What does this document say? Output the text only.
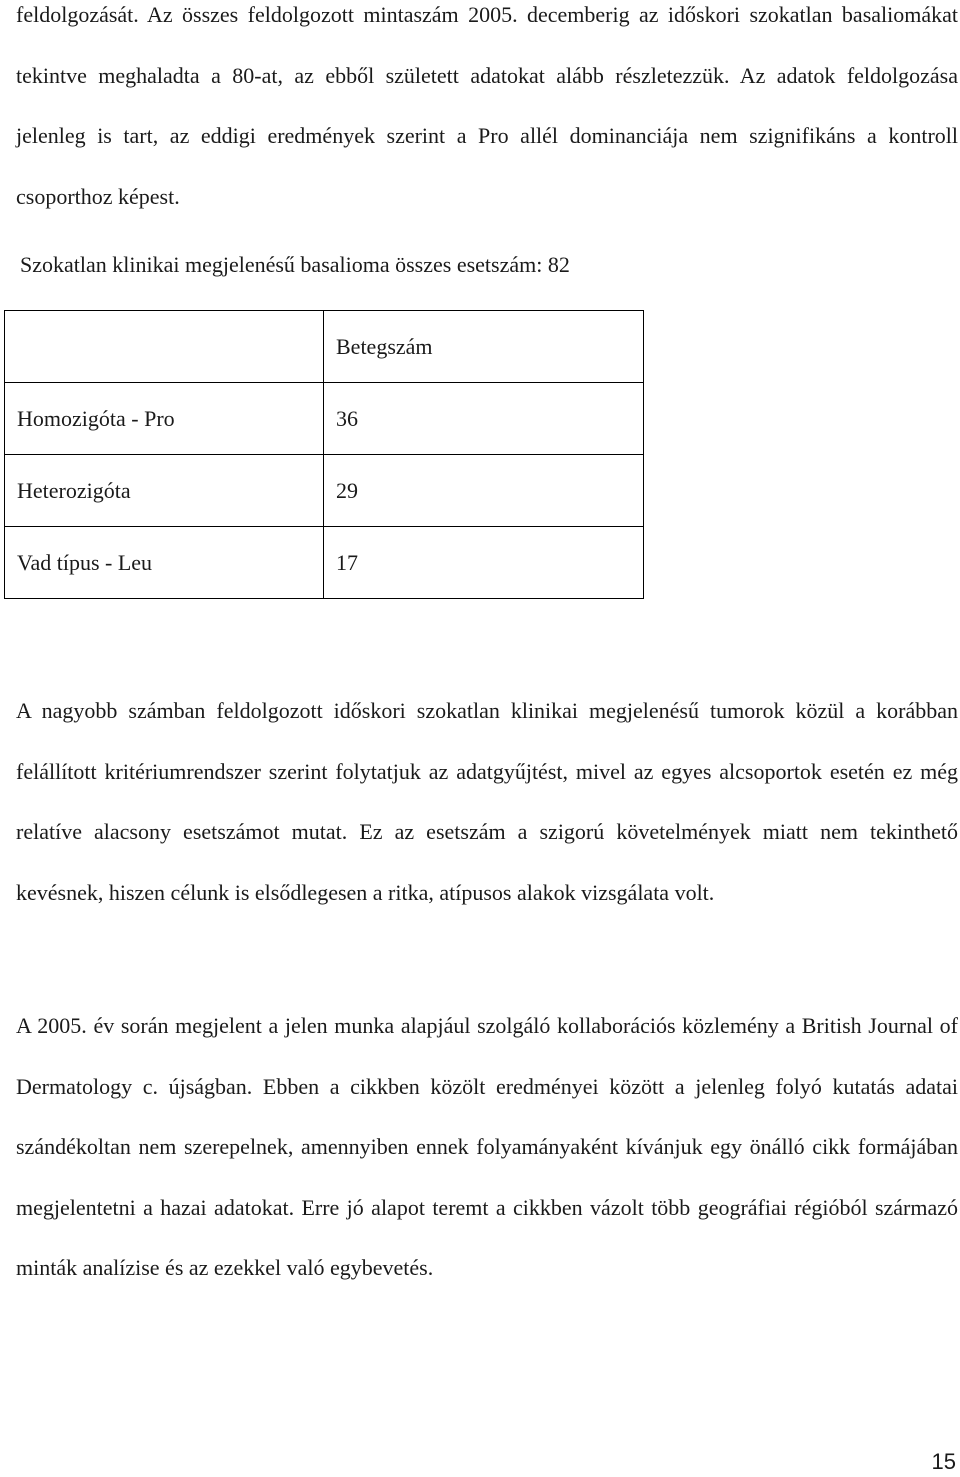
feldolgozását. Az összes feldolgozott mintaszám 2005. decemberig az időskori szokatlan basaliomákat tekintve meghaladta a 80-at, az ebből született adatokat alább részletezzük. Az adatok feldolgozása jelenleg is tart, az eddigi eredmények szerint a Pro allél dominanciája nem szignifikáns a kontroll csoporthoz képest.

Szokatlan klinikai megjelenésű basalioma összes esetszám: 82
	Betegszám
Homozigóta - Pro	36
Heterozigóta	29
Vad típus - Leu	17

A nagyobb számban feldolgozott időskori szokatlan klinikai megjelenésű tumorok közül a korábban felállított kritériumrendszer szerint folytatjuk az adatgyűjtést, mivel az egyes alcsoportok esetén ez még relatíve alacsony esetszámot mutat. Ez az esetszám a szigorú követelmények miatt nem tekinthető kevésnek, hiszen célunk is elsődlegesen a ritka, atípusos alakok vizsgálata volt.

A 2005. év során megjelent a jelen munka alapjául szolgáló kollaborációs közlemény a British Journal of Dermatology c. újságban. Ebben a cikkben közölt eredményei között a jelenleg folyó kutatás adatai szándékoltan nem szerepelnek, amennyiben ennek folyamányaként kívánjuk egy önálló cikk formájában megjelentetni a hazai adatokat. Erre jó alapot teremt a cikkben vázolt több geográfiai régióból származó minták analízise és az ezekkel való egybevetés.

15
